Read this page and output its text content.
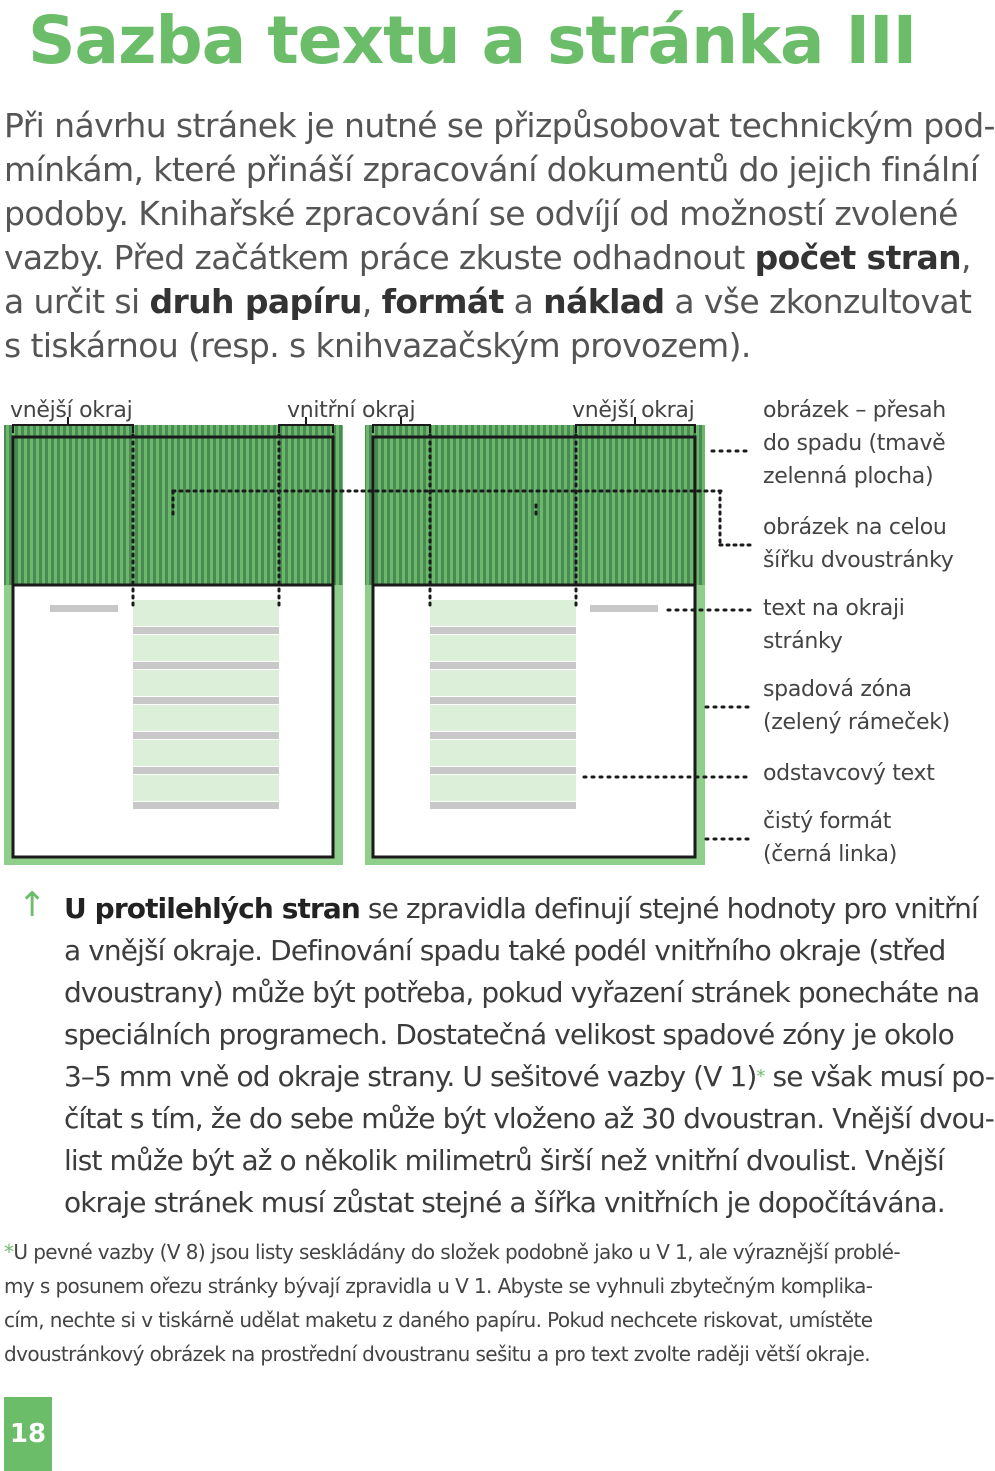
Sazba textu a stránka III

Při návrhu stránek je nutné se přizpůsobovat technickým pod-

mínkám, které přináší zpracování dokumentů do jejich finální

podoby. Knihařské zpracování se odvíjí od možností zvolené

vazby. Před začátkem práce zkuste odhadnout počet stran,

a určit si druh papíru, formát a náklad a vše zkonzultovat

s tiskárnou (resp. s knihvazačským provozem).

vnější okraj	vnitřní okraj	vnější okraj	obrázek – přesah
do spadu (tmavě
zelenná plocha)
obrázek na celou
šířku dvoustránky
text na okraji
stránky
spadová zóna
(zelený rámeček)
odstavcový text
čistý formát
(černá linka)
↑ U protilehlých stran se zpravidla definují stejné hodnoty pro vnitřní

a vnější okraje. Definování spadu také podél vnitřního okraje (střed

dvoustrany) může být potřeba, pokud vyřazení stránek ponecháte na

speciálních programech. Dostatečná velikost spadové zóny je okolo

3–5 mm vně od okraje strany. U sešitové vazby (V 1)* se však musí po-

čítat s tím, že do sebe může být vloženo až 30 dvoustran. Vnější dvou-

list může být až o několik milimetrů širší než vnitřní dvoulist. Vnější

okraje stránek musí zůstat stejné a šířka vnitřních je dopočítávána.

*U pevné vazby (V 8) jsou listy seskládány do složek podobně jako u V 1, ale výraznější problé-

my s posunem ořezu stránky bývají zpravidla u V 1. Abyste se vyhnuli zbytečným komplika-

cím, nechte si v tiskárně udělat maketu z daného papíru. Pokud nechcete riskovat, umístěte

dvoustránkový obrázek na prostřední dvoustranu sešitu a pro text zvolte raději větší okraje.

18
